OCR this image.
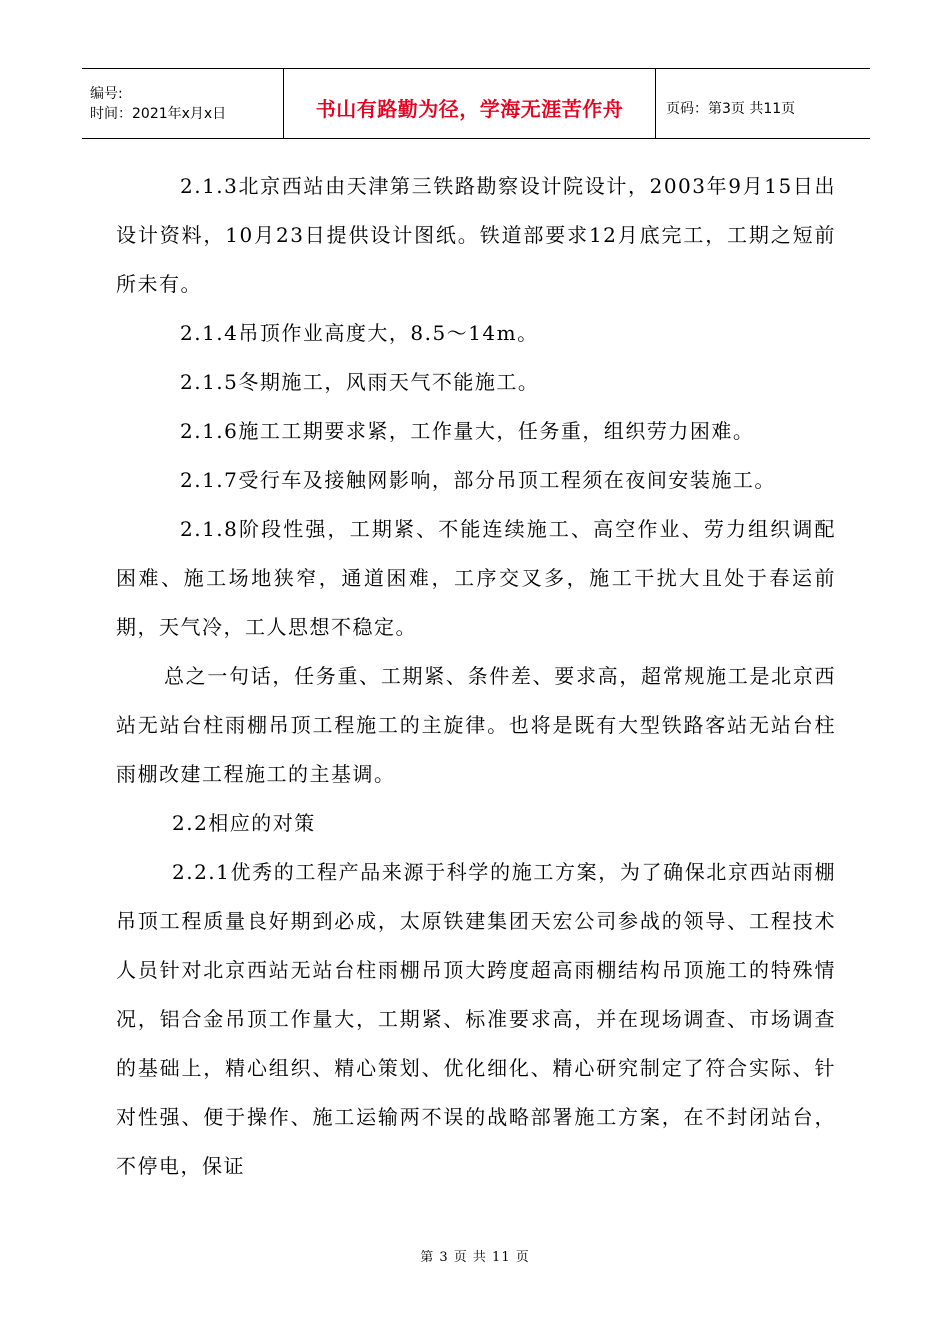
编号:
时间：2021年x月x日	书山有路勤为径，学海无涯苦作舟	页码：第3页 共11页

2.1.3北京西站由天津第三铁路勘察设计院设计，2003年9月15日出设计资料，10月23日提供设计图纸。铁道部要求12月底完工，工期之短前所未有。

2.1.4吊顶作业高度大，8.5～14m。

2.1.5冬期施工，风雨天气不能施工。

2.1.6施工工期要求紧，工作量大，任务重，组织劳力困难。

2.1.7受行车及接触网影响，部分吊顶工程须在夜间安装施工。

2.1.8阶段性强，工期紧、不能连续施工、高空作业、劳力组织调配困难、施工场地狭窄，通道困难，工序交叉多，施工干扰大且处于春运前期，天气冷，工人思想不稳定。

总之一句话，任务重、工期紧、条件差、要求高，超常规施工是北京西站无站台柱雨棚吊顶工程施工的主旋律。也将是既有大型铁路客站无站台柱雨棚改建工程施工的主基调。

2.2相应的对策

2.2.1优秀的工程产品来源于科学的施工方案，为了确保北京西站雨棚吊顶工程质量良好期到必成，太原铁建集团天宏公司参战的领导、工程技术人员针对北京西站无站台柱雨棚吊顶大跨度超高雨棚结构吊顶施工的特殊情况，铝合金吊顶工作量大，工期紧、标准要求高，并在现场调查、市场调查的基础上，精心组织、精心策划、优化细化、精心研究制定了符合实际、针对性强、便于操作、施工运输两不误的战略部署施工方案，在不封闭站台，不停电，保证

第 3 页 共 11 页
